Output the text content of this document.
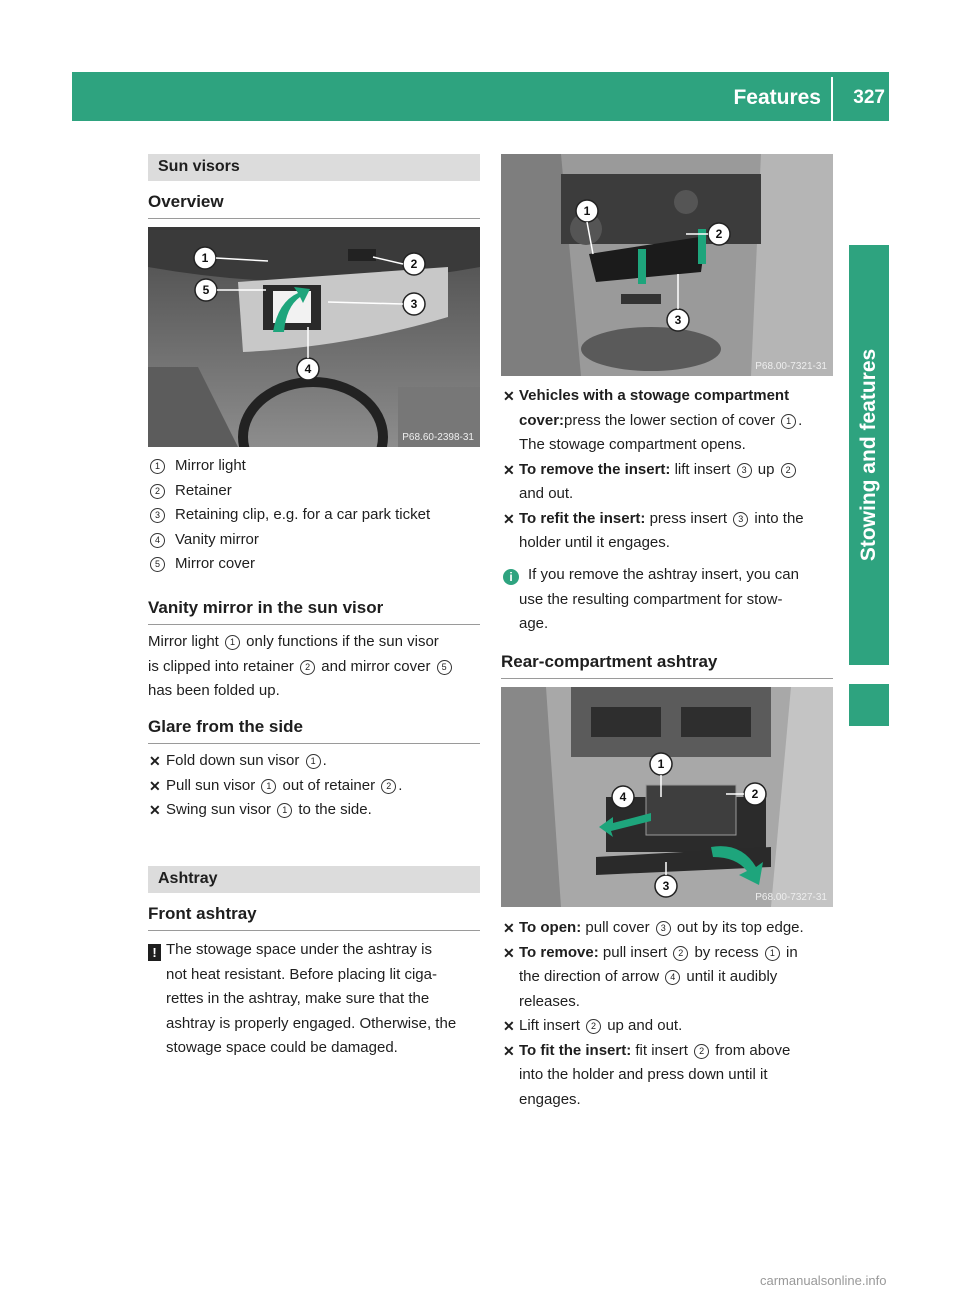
Features 327
Stowing and features
Sun visors
Overview
1	2
5
3
4
P68.60-2398-31
1	Mirror light
2	Retainer
3	Retaining clip, e.g. for a car park ticket
4	Vanity mirror
5	Mirror cover
Vanity mirror in the sun visor
Mirror light 1 only functions if the sun visor
is clipped into retainer 2 and mirror cover 5
has been folded up.
Glare from the side
✕ Fold down sun visor 1 .
✕ Pull sun visor 1 out of retainer 2 .
✕ Swing sun visor 1 to the side.
Ashtray
Front ashtray
! The stowage space under the ashtray is
not heat resistant. Before placing lit ciga-
rettes in the ashtray, make sure that the
ashtray is properly engaged. Otherwise, the
stowage space could be damaged.
1
2
3
P68.00-7321-31
✕ Vehicles with a stowage compartment
cover:press the lower section of cover 1 .
The stowage compartment opens.
✕ To remove the insert: lift insert 3 up 2
and out.
✕ To refit the insert: press insert 3 into the
holder until it engages.
i	If you remove the ashtray insert, you can
use the resulting compartment for stow-
age.
Rear-compartment ashtray
1
2
4
3
P68.00-7327-31
✕ To open: pull cover 3 out by its top edge.
✕ To remove: pull insert 2 by recess 1 in
the direction of arrow 4 until it audibly
releases.
✕ Lift insert 2 up and out.
✕ To fit the insert: fit insert 2 from above
into the holder and press down until it
engages.
carmanualsonline.info
